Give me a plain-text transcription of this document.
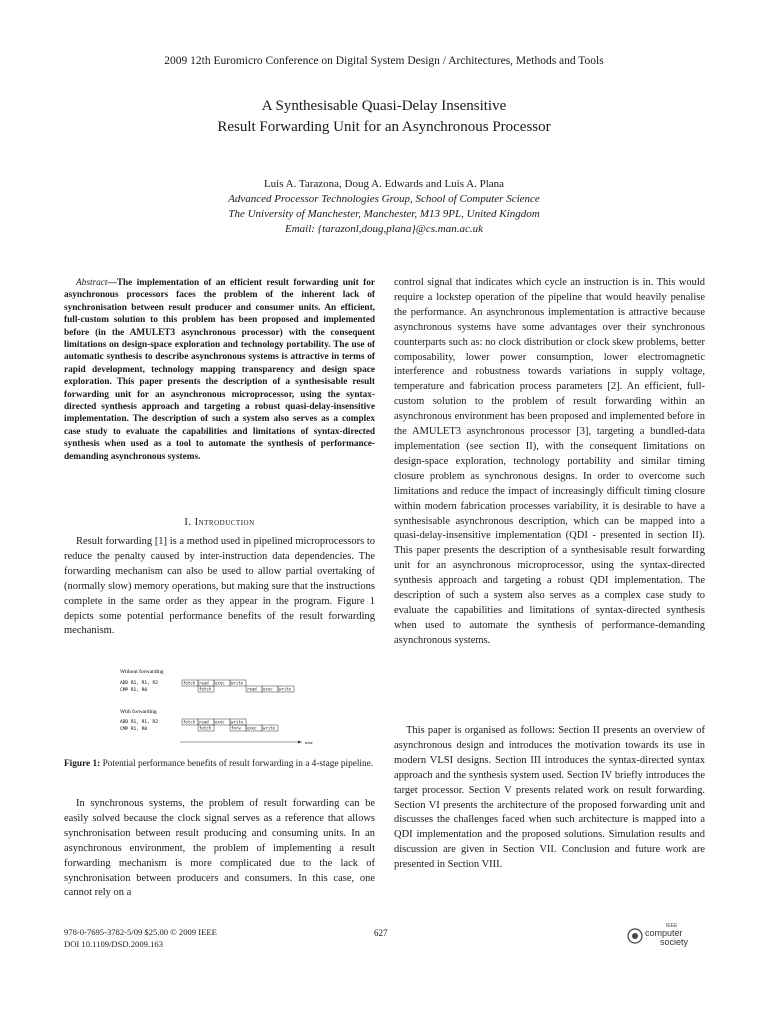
2009 12th Euromicro Conference on Digital System Design / Architectures, Methods and Tools
A Synthesisable Quasi-Delay Insensitive
Result Forwarding Unit for an Asynchronous Processor
Luis A. Tarazona, Doug A. Edwards and Luis A. Plana
Advanced Processor Technologies Group, School of Computer Science
The University of Manchester, Manchester, M13 9PL, United Kingdom
Email: {tarazonl,doug,plana}@cs.man.ac.uk
Abstract—The implementation of an efficient result forwarding unit for asynchronous processors faces the problem of the inherent lack of synchronisation between result producer and consumer units. An efficient, full-custom solution to this problem has been proposed and implemented before (in the AMULET3 asynchronous processor) with the consequent limitations on design-space exploration and technology portability. The use of automatic synthesis to describe asynchronous systems is attractive in terms of rapid development, technology mapping transparency and design space exploration. This paper presents the description of a synthesisable result forwarding unit for an asynchronous microprocessor, using the syntax-directed synthesis approach and targeting a robust quasi-delay-insensitive implementation. The description of such a system also serves as a complex case study to evaluate the capabilities and limitations of syntax-directed synthesis when used as a tool to automate the synthesis of performance-demanding asynchronous systems.
I. Introduction

Result forwarding [1] is a method used in pipelined microprocessors to reduce the penalty caused by inter-instruction data dependencies. The forwarding mechanism can also be used to allow partial overtaking of (normally slow) memory operations, but making sure that the instructions complete in the same order as they appear in the program. Figure 1 depicts some potential performance benefits of the result forwarding mechanism.

Without forwarding
ADD R1, R1, R2
CMP R1, R0
fetch read exec write
fetch	read exec write
With forwarding
ADD R1, R1, R2
CMP R1, R0
fetch read exec write
fetch	forw exec write
time
Figure 1: Potential performance benefits of result forwarding in a 4-stage pipeline.

In synchronous systems, the problem of result forwarding can be easily solved because the clock signal serves as a reference that allows synchronisation between result producing and consuming units. In an asynchronous environment, the problem of implementing a result forwarding mechanism is more complicated due to the lack of synchronisation between producers and consumers. In this case, one cannot rely on a

control signal that indicates which cycle an instruction is in. This would require a lockstep operation of the pipeline that would heavily penalise the performance. An asynchronous implementation is attractive because asynchronous systems have some advantages over their synchronous counterparts such as: no clock distribution or clock skew problems, better composability, lower power consumption, lower electromagnetic interference and robustness towards variations in supply voltage, temperature and fabrication process parameters [2]. An efficient, full-custom solution to the problem of result forwarding within an asynchronous environment has been proposed and implemented before in the AMULET3 asynchronous processor [3], targeting a bundled-data implementation (see section II), with the consequent limitations on design-space exploration, technology portability and similar timing closure problem as synchronous designs. In order to overcome such limitations and reduce the impact of increasingly difficult timing closure within modern fabrication processes variability, it is desirable to have a synthesisable asynchronous description, which can be mapped into a quasi-delay-insensitive implementation (QDI - presented in section II). This paper presents the description of a synthesisable result forwarding unit for an asynchronous microprocessor, using the syntax-directed synthesis approach and targeting a robust QDI implementation. The description of such a system also serves as a complex case study to evaluate the capabilities and limitations of syntax-directed synthesis when used to automate the synthesis of performance-demanding asynchronous systems.

This paper is organised as follows: Section II presents an overview of asynchronous design and introduces the motivation towards its use in modern VLSI designs. Section III introduces the syntax-directed syntax approach and the synthesis system used. Section IV briefly introduces the target processor. Section V presents related work on result forwarding. Section VI presents the architecture of the proposed forwarding unit and discusses the challenges faced when such architecture is mapped into a QDI implementation and the proposed solutions. Simulation results and discussion are given in Section VII. Conclusion and future work are presented in Section VIII.

978-0-7695-3782-5/09 $25.00 © 2009 IEEE
DOI 10.1109/DSD.2009.163
627
IEEE
computer
society
